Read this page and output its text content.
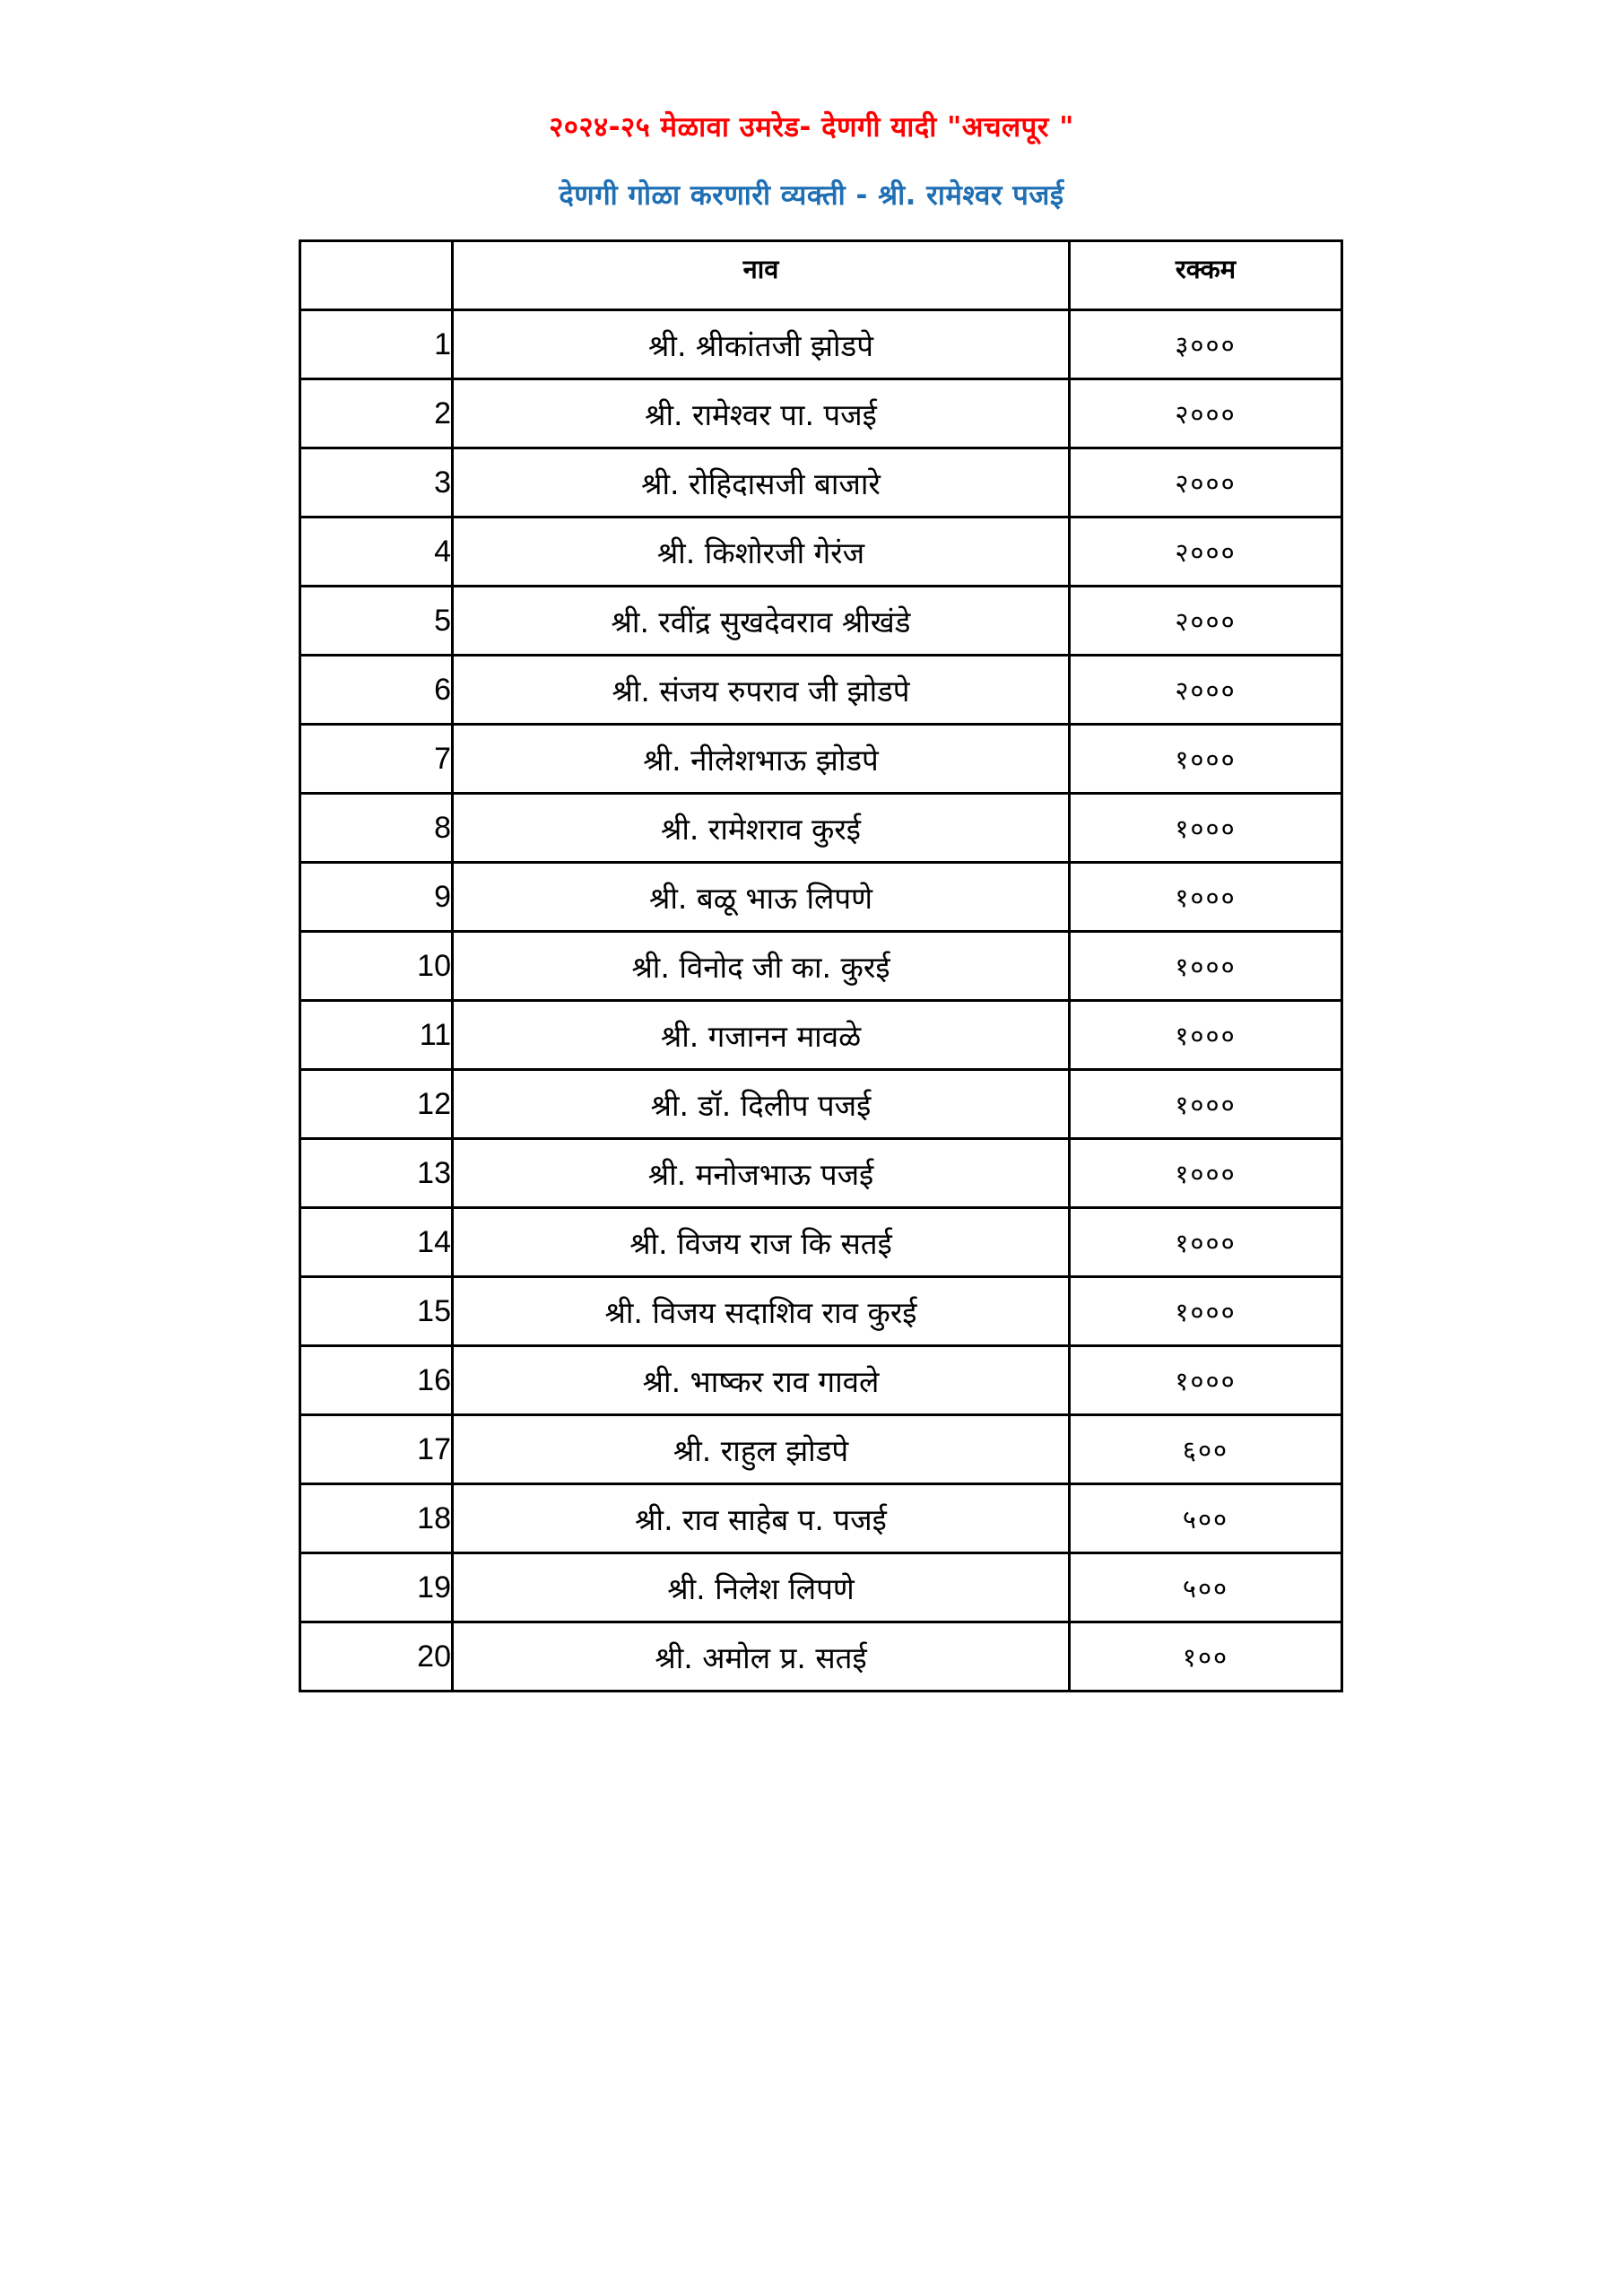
२०२४-२५ मेळावा उमरेड- देणगी यादी "अचलपूर "
देणगी गोळा करणारी व्यक्ती - श्री. रामेश्वर पजई
	नाव	रक्कम
1	श्री. श्रीकांतजी झोडपे	३०००
2	श्री. रामेश्वर पा. पजई	२०००
3	श्री. रोहिदासजी बाजारे	२०००
4	श्री. किशोरजी गेरंज	२०००
5	श्री. रवींद्र सुखदेवराव श्रीखंडे	२०००
6	श्री. संजय रुपराव जी झोडपे	२०००
7	श्री. नीलेशभाऊ झोडपे	१०००
8	श्री. रामेशराव कुरई	१०००
9	श्री. बळू भाऊ लिपणे	१०००
10	श्री. विनोद जी का. कुरई	१०००
11	श्री. गजानन मावळे	१०००
12	श्री. डॉ. दिलीप पजई	१०००
13	श्री. मनोजभाऊ पजई	१०००
14	श्री. विजय राज कि सतई	१०००
15	श्री. विजय सदाशिव राव कुरई	१०००
16	श्री. भाष्कर राव गावले	१०००
17	श्री. राहुल झोडपे	६००
18	श्री. राव साहेब प. पजई	५००
19	श्री. निलेश लिपणे	५००
20	श्री. अमोल प्र. सतई	१००
